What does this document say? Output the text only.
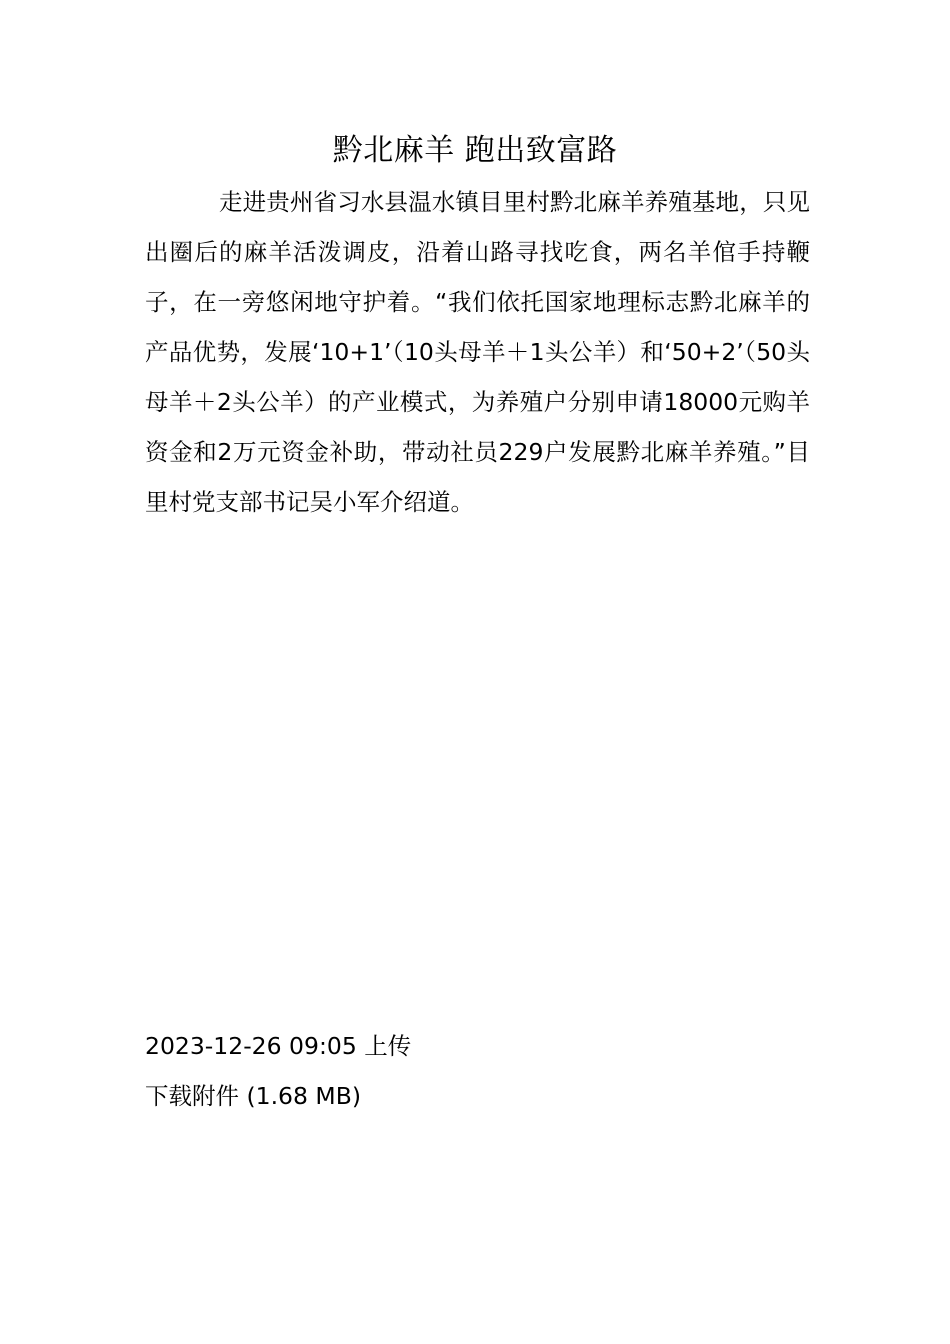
黔北麻羊 跑出致富路

走进贵州省习水县温水镇目里村黔北麻羊养殖基地，只见出圈后的麻羊活泼调皮，沿着山路寻找吃食，两名羊倌手持鞭子，在一旁悠闲地守护着。“我们依托国家地理标志黔北麻羊的产品优势，发展‘10+1’（10头母羊＋1头公羊）和‘50+2’（50头母羊＋2头公羊）的产业模式，为养殖户分别申请18000元购羊资金和2万元资金补助，带动社员229户发展黔北麻羊养殖。”目里村党支部书记吴小军介绍道。

2023-12-26 09:05 上传

下载附件 (1.68 MB)
